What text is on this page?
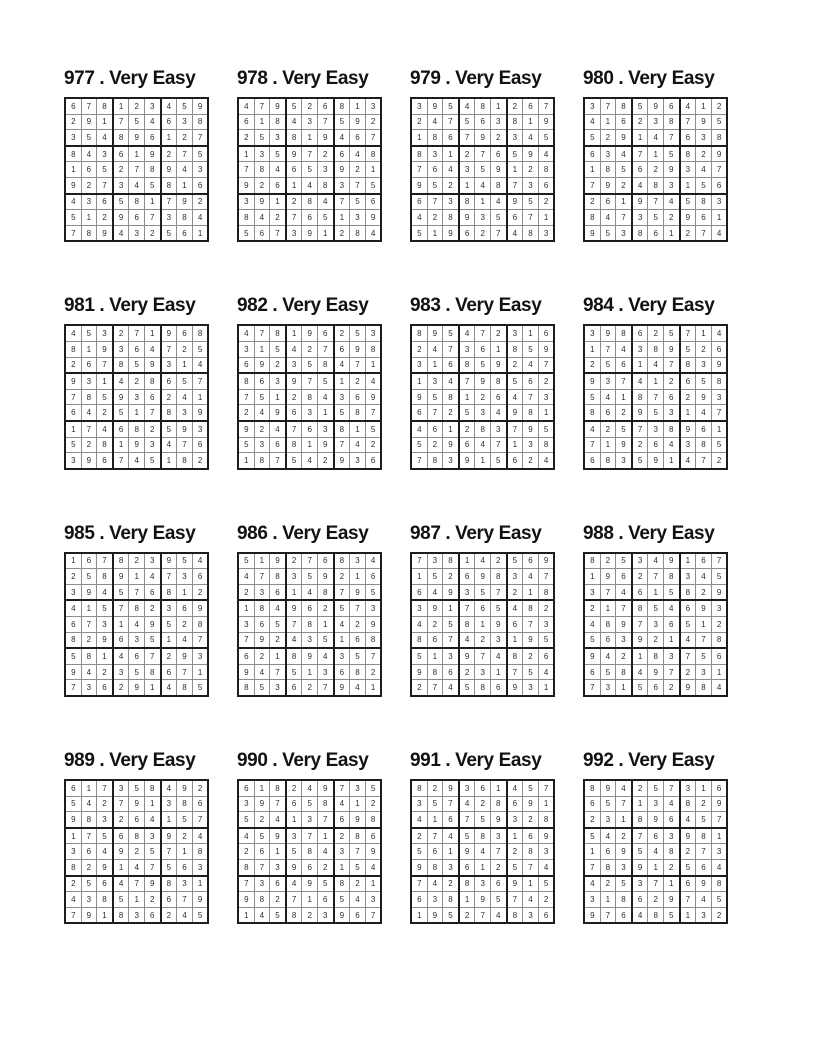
977 . Very Easy
6	7	8	1	2	3	4	5	9
2	9	1	7	5	4	6	3	8
3	5	4	8	9	6	1	2	7
8	4	3	6	1	9	2	7	5
1	6	5	2	7	8	9	4	3
9	2	7	3	4	5	8	1	6
4	3	6	5	8	1	7	9	2
5	1	2	9	6	7	3	8	4
7	8	9	4	3	2	5	6	1
978 . Very Easy
4	7	9	5	2	6	8	1	3
6	1	8	4	3	7	5	9	2
2	5	3	8	1	9	4	6	7
1	3	5	9	7	2	6	4	8
7	8	4	6	5	3	9	2	1
9	2	6	1	4	8	3	7	5
3	9	1	2	8	4	7	5	6
8	4	2	7	6	5	1	3	9
5	6	7	3	9	1	2	8	4
979 . Very Easy
3	9	5	4	8	1	2	6	7
2	4	7	5	6	3	8	1	9
1	8	6	7	9	2	3	4	5
8	3	1	2	7	6	5	9	4
7	6	4	3	5	9	1	2	8
9	5	2	1	4	8	7	3	6
6	7	3	8	1	4	9	5	2
4	2	8	9	3	5	6	7	1
5	1	9	6	2	7	4	8	3
980 . Very Easy
3	7	8	5	9	6	4	1	2
4	1	6	2	3	8	7	9	5
5	2	9	1	4	7	6	3	8
6	3	4	7	1	5	8	2	9
1	8	5	6	2	9	3	4	7
7	9	2	4	8	3	1	5	6
2	6	1	9	7	4	5	8	3
8	4	7	3	5	2	9	6	1
9	5	3	8	6	1	2	7	4
981 . Very Easy
4	5	3	2	7	1	9	6	8
8	1	9	3	6	4	7	2	5
2	6	7	8	5	9	3	1	4
9	3	1	4	2	8	6	5	7
7	8	5	9	3	6	2	4	1
6	4	2	5	1	7	8	3	9
1	7	4	6	8	2	5	9	3
5	2	8	1	9	3	4	7	6
3	9	6	7	4	5	1	8	2
982 . Very Easy
4	7	8	1	9	6	2	5	3
3	1	5	4	2	7	6	9	8
6	9	2	3	5	8	4	7	1
8	6	3	9	7	5	1	2	4
7	5	1	2	8	4	3	6	9
2	4	9	6	3	1	5	8	7
9	2	4	7	6	3	8	1	5
5	3	6	8	1	9	7	4	2
1	8	7	5	4	2	9	3	6
983 . Very Easy
8	9	5	4	7	2	3	1	6
2	4	7	3	6	1	8	5	9
3	1	6	8	5	9	2	4	7
1	3	4	7	9	8	5	6	2
9	5	8	1	2	6	4	7	3
6	7	2	5	3	4	9	8	1
4	6	1	2	8	3	7	9	5
5	2	9	6	4	7	1	3	8
7	8	3	9	1	5	6	2	4
984 . Very Easy
3	9	8	6	2	5	7	1	4
1	7	4	3	8	9	5	2	6
2	5	6	1	4	7	8	3	9
9	3	7	4	1	2	6	5	8
5	4	1	8	7	6	2	9	3
8	6	2	9	5	3	1	4	7
4	2	5	7	3	8	9	6	1
7	1	9	2	6	4	3	8	5
6	8	3	5	9	1	4	7	2
985 . Very Easy
1	6	7	8	2	3	9	5	4
2	5	8	9	1	4	7	3	6
3	9	4	5	7	6	8	1	2
4	1	5	7	8	2	3	6	9
6	7	3	1	4	9	5	2	8
8	2	9	6	3	5	1	4	7
5	8	1	4	6	7	2	9	3
9	4	2	3	5	8	6	7	1
7	3	6	2	9	1	4	8	5
986 . Very Easy
5	1	9	2	7	6	8	3	4
4	7	8	3	5	9	2	1	6
2	3	6	1	4	8	7	9	5
1	8	4	9	6	2	5	7	3
3	6	5	7	8	1	4	2	9
7	9	2	4	3	5	1	6	8
6	2	1	8	9	4	3	5	7
9	4	7	5	1	3	6	8	2
8	5	3	6	2	7	9	4	1
987 . Very Easy
7	3	8	1	4	2	5	6	9
1	5	2	6	9	8	3	4	7
6	4	9	3	5	7	2	1	8
3	9	1	7	6	5	4	8	2
4	2	5	8	1	9	6	7	3
8	6	7	4	2	3	1	9	5
5	1	3	9	7	4	8	2	6
9	8	6	2	3	1	7	5	4
2	7	4	5	8	6	9	3	1
988 . Very Easy
8	2	5	3	4	9	1	6	7
1	9	6	2	7	8	3	4	5
3	7	4	6	1	5	8	2	9
2	1	7	8	5	4	6	9	3
4	8	9	7	3	6	5	1	2
5	6	3	9	2	1	4	7	8
9	4	2	1	8	3	7	5	6
6	5	8	4	9	7	2	3	1
7	3	1	5	6	2	9	8	4
989 . Very Easy
6	1	7	3	5	8	4	9	2
5	4	2	7	9	1	3	8	6
9	8	3	2	6	4	1	5	7
1	7	5	6	8	3	9	2	4
3	6	4	9	2	5	7	1	8
8	2	9	1	4	7	5	6	3
2	5	6	4	7	9	8	3	1
4	3	8	5	1	2	6	7	9
7	9	1	8	3	6	2	4	5
990 . Very Easy
6	1	8	2	4	9	7	3	5
3	9	7	6	5	8	4	1	2
5	2	4	1	3	7	6	9	8
4	5	9	3	7	1	2	8	6
2	6	1	5	8	4	3	7	9
8	7	3	9	6	2	1	5	4
7	3	6	4	9	5	8	2	1
9	8	2	7	1	6	5	4	3
1	4	5	8	2	3	9	6	7
991 . Very Easy
8	2	9	3	6	1	4	5	7
3	5	7	4	2	8	6	9	1
4	1	6	7	5	9	3	2	8
2	7	4	5	8	3	1	6	9
5	6	1	9	4	7	2	8	3
9	8	3	6	1	2	5	7	4
7	4	2	8	3	6	9	1	5
6	3	8	1	9	5	7	4	2
1	9	5	2	7	4	8	3	6
992 . Very Easy
8	9	4	2	5	7	3	1	6
6	5	7	1	3	4	8	2	9
2	3	1	8	9	6	4	5	7
5	4	2	7	6	3	9	8	1
1	6	9	5	4	8	2	7	3
7	8	3	9	1	2	5	6	4
4	2	5	3	7	1	6	9	8
3	1	8	6	2	9	7	4	5
9	7	6	4	8	5	1	3	2
